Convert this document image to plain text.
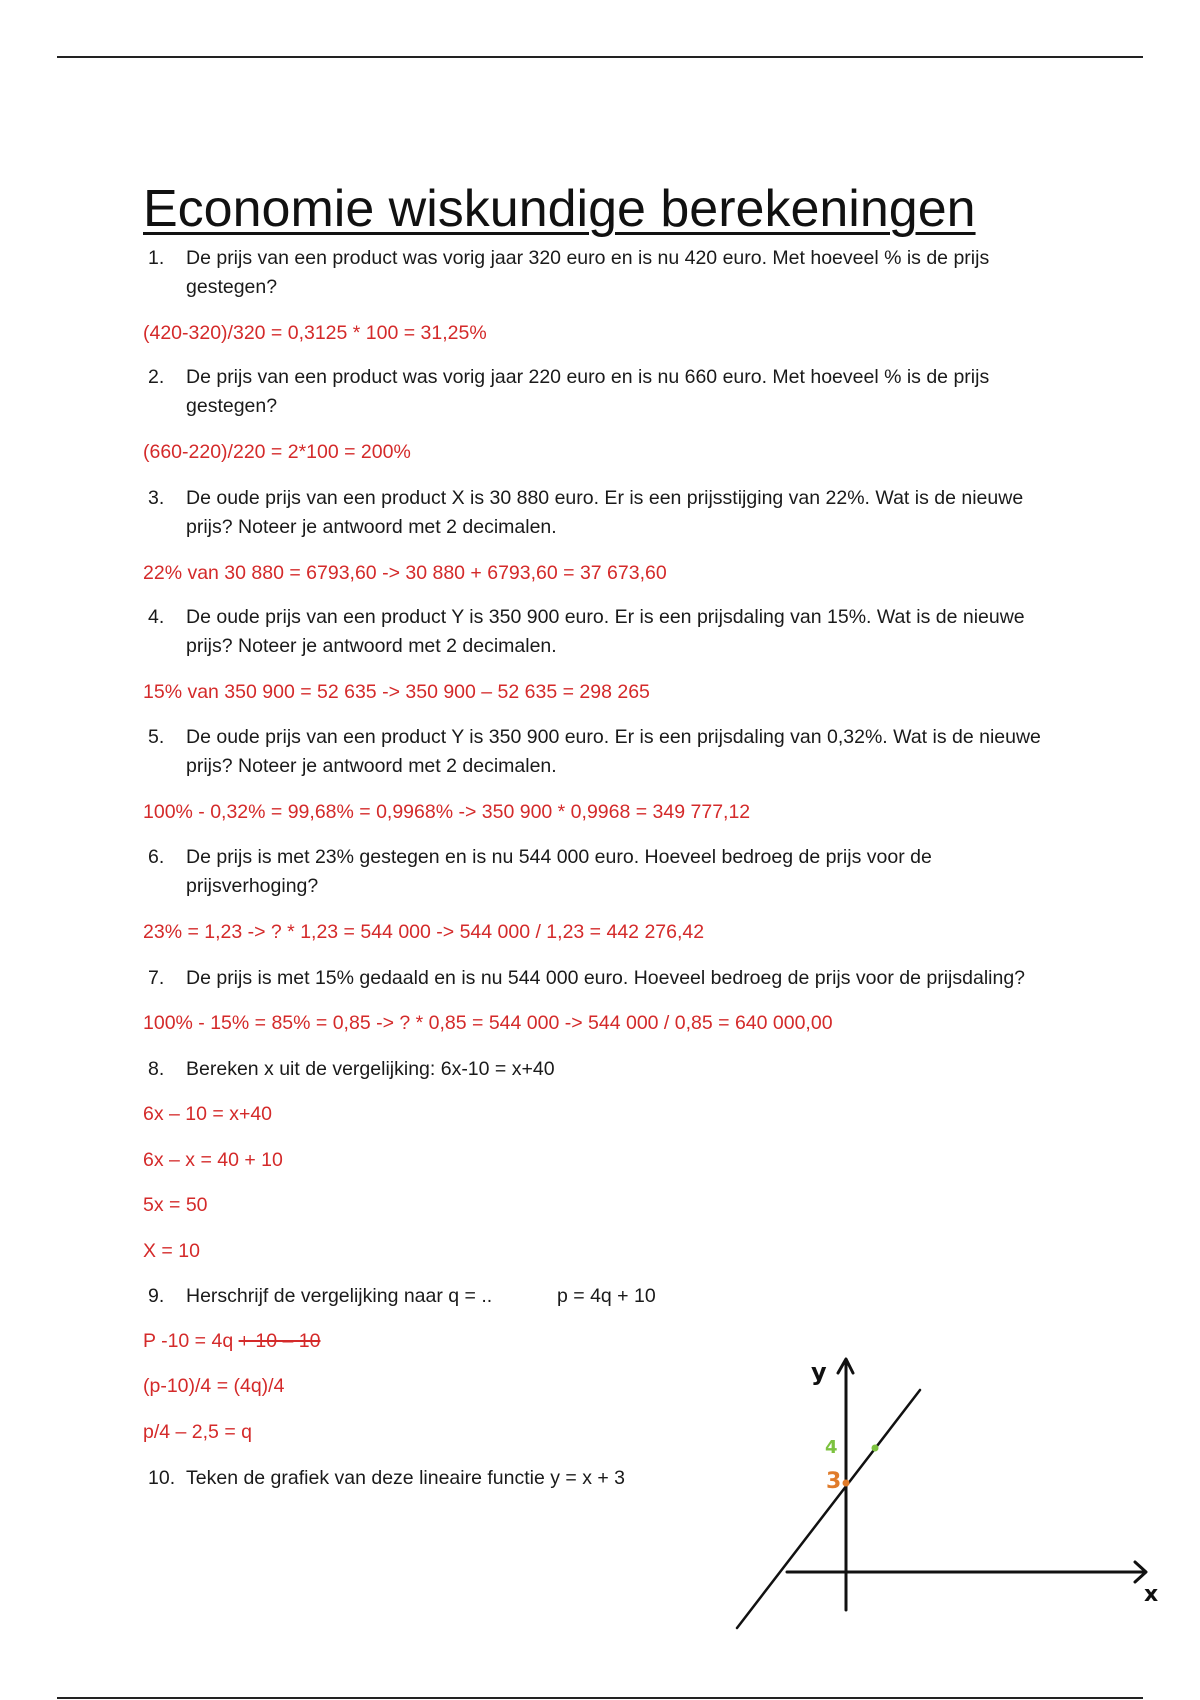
Economie wiskundige berekeningen
1.	De prijs van een product was vorig jaar 320 euro en is nu 420 euro. Met hoeveel % is de prijs gestegen?
(420-320)/320 = 0,3125 * 100 = 31,25%
2.	De prijs van een product was vorig jaar 220 euro en is nu 660 euro. Met hoeveel % is de prijs gestegen?
(660-220)/220 = 2*100 = 200%
3.	De oude prijs van een product X is 30 880 euro. Er is een prijsstijging van 22%. Wat is de nieuwe prijs? Noteer je antwoord met 2 decimalen.
22% van 30 880 = 6793,60 -> 30 880 + 6793,60 = 37 673,60
4.	De oude prijs van een product Y is 350 900 euro. Er is een prijsdaling van 15%. Wat is de nieuwe prijs? Noteer je antwoord met 2 decimalen.
15% van 350 900 = 52 635 -> 350 900 – 52 635 = 298 265
5.	De oude prijs van een product Y is 350 900 euro. Er is een prijsdaling van 0,32%. Wat is de nieuwe prijs? Noteer je antwoord met 2 decimalen.
100% - 0,32% = 99,68% = 0,9968% -> 350 900 * 0,9968 = 349 777,12
6.	De prijs is met 23% gestegen en is nu 544 000 euro. Hoeveel bedroeg de prijs voor de prijsverhoging?
23% = 1,23 -> ? * 1,23 = 544 000 -> 544 000 / 1,23 = 442 276,42
7.	De prijs is met 15% gedaald en is nu 544 000 euro. Hoeveel bedroeg de prijs voor de prijsdaling?
100% - 15% = 85% = 0,85 -> ? * 0,85 = 544 000 -> 544 000 / 0,85 = 640 000,00
8.	Bereken x uit de vergelijking: 6x-10 = x+40
6x – 10 = x+40
6x – x = 40 + 10
5x = 50
X = 10
9.	Herschrijf de vergelijking naar q = ..	p = 4q + 10
P -10 = 4q + 10 – 10
(p-10)/4 = (4q)/4
p/4 – 2,5 = q
10. Teken de grafiek van deze lineaire functie y = x + 3
y
x
3
4
